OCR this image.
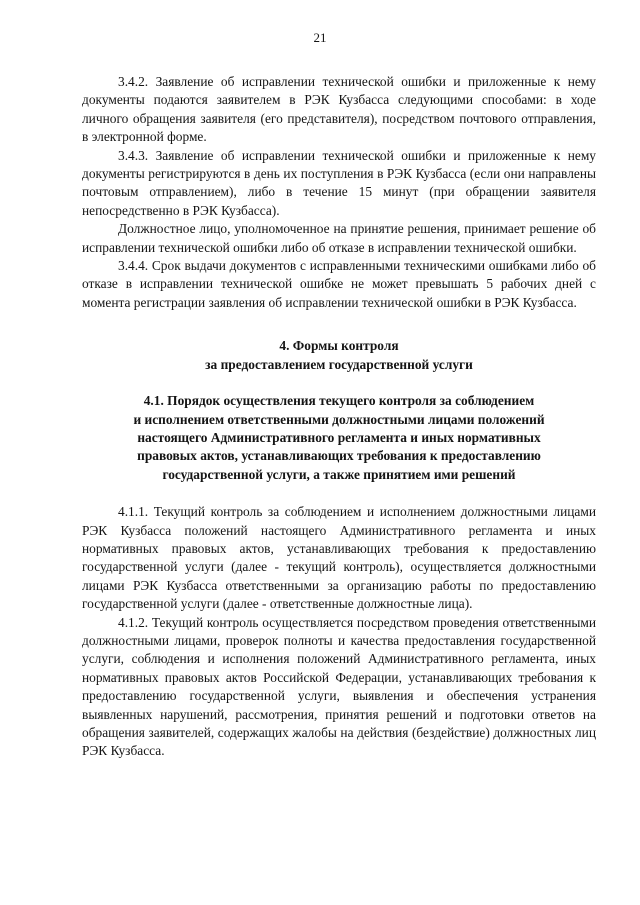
21

3.4.2. Заявление об исправлении технической ошибки и приложенные к нему документы подаются заявителем в РЭК Кузбасса следующими способами: в ходе личного обращения заявителя (его представителя), посредством почтового отправления, в электронной форме.

3.4.3. Заявление об исправлении технической ошибки и приложенные к нему документы регистрируются в день их поступления в РЭК Кузбасса (если они направлены почтовым отправлением), либо в течение 15 минут (при обращении заявителя непосредственно в РЭК Кузбасса).

Должностное лицо, уполномоченное на принятие решения, принимает решение об исправлении технической ошибки либо об отказе в исправлении технической ошибки.

3.4.4. Срок выдачи документов с исправленными техническими ошибками либо об отказе в исправлении технической ошибке не может превышать 5 рабочих дней с момента регистрации заявления об исправлении технической ошибки в РЭК Кузбасса.

4. Формы контроля
за предоставлением государственной услуги
4.1. Порядок осуществления текущего контроля за соблюдением
и исполнением ответственными должностными лицами положений
настоящего Административного регламента и иных нормативных
правовых актов, устанавливающих требования к предоставлению
государственной услуги, а также принятием ими решений

4.1.1. Текущий контроль за соблюдением и исполнением должностными лицами РЭК Кузбасса положений настоящего Административного регламента и иных нормативных правовых актов, устанавливающих требования к предоставлению государственной услуги (далее - текущий контроль), осуществляется должностными лицами РЭК Кузбасса ответственными за организацию работы по предоставлению государственной услуги (далее - ответственные должностные лица).

4.1.2. Текущий контроль осуществляется посредством проведения ответственными должностными лицами, проверок полноты и качества предоставления государственной услуги, соблюдения и исполнения положений Административного регламента, иных нормативных правовых актов Российской Федерации, устанавливающих требования к предоставлению государственной услуги, выявления и обеспечения устранения выявленных нарушений, рассмотрения, принятия решений и подготовки ответов на обращения заявителей, содержащих жалобы на действия (бездействие) должностных лиц РЭК Кузбасса.
